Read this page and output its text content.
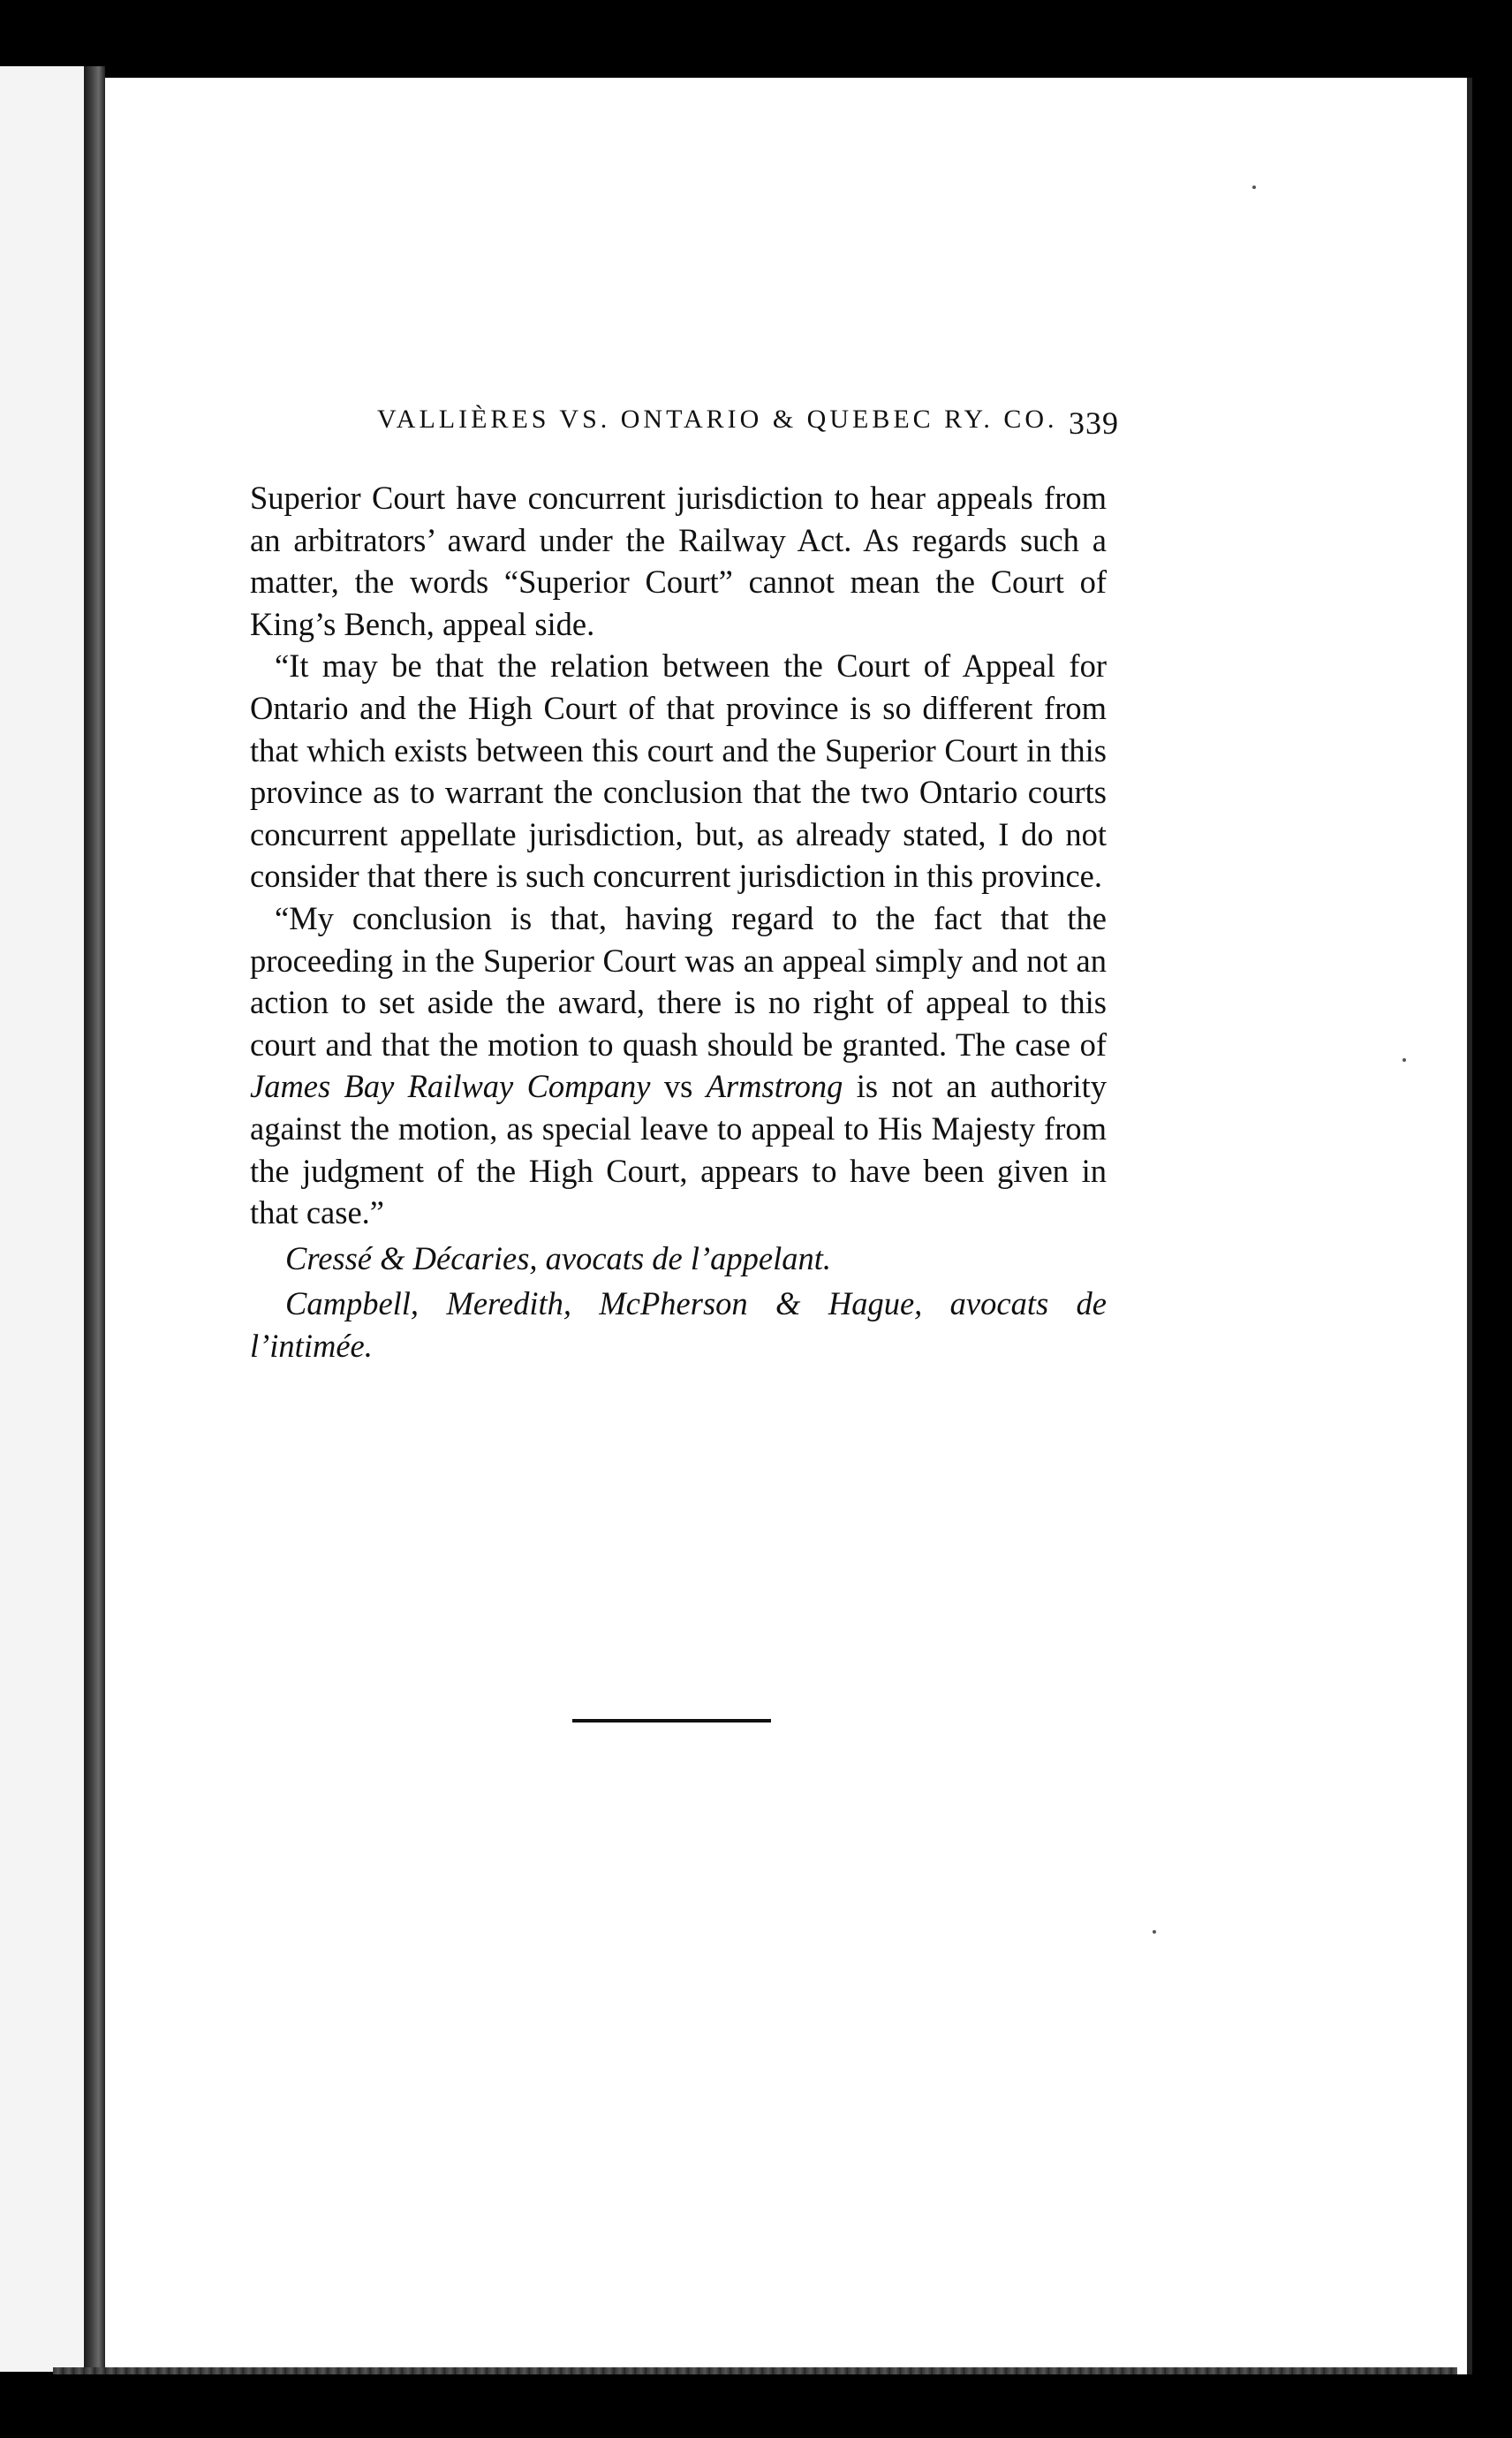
VALLIÈRES VS. ONTARIO & QUEBEC RY. CO. 339

Superior Court have concurrent jurisdiction to hear appeals from an arbitrators’ award under the Railway Act. As regards such a matter, the words “Superior Court” cannot mean the Court of King’s Bench, appeal side.

“It may be that the relation between the Court of Appeal for Ontario and the High Court of that province is so different from that which exists between this court and the Superior Court in this province as to warrant the conclusion that the two Ontario courts concurrent appellate jurisdiction, but, as already stated, I do not consider that there is such concurrent jurisdiction in this province.

“My conclusion is that, having regard to the fact that the proceeding in the Superior Court was an appeal simply and not an action to set aside the award, there is no right of appeal to this court and that the motion to quash should be granted. The case of James Bay Railway Company vs Armstrong is not an authority against the motion, as special leave to appeal to His Majesty from the judgment of the High Court, appears to have been given in that case.”

Cressé & Décaries, avocats de l’appelant.

Campbell, Meredith, McPherson & Hague, avocats de l’intimée.
